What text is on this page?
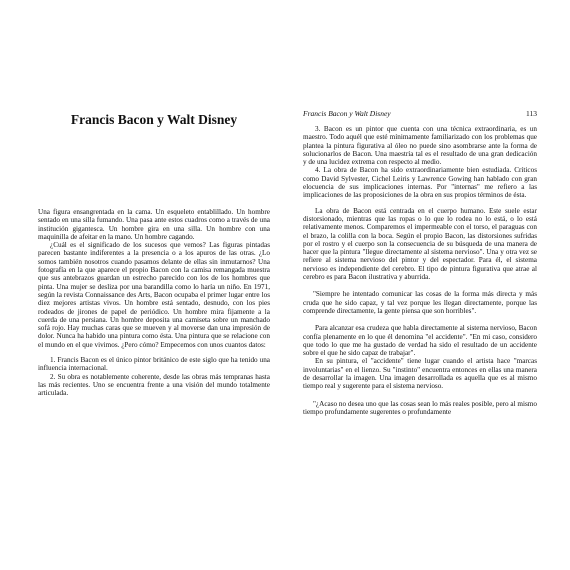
Francis Bacon y Walt Disney

Una figura ensangrentada en la cama. Un esqueleto entablillado. Un hombre sentado en una silla fumando. Una pasa ante estos cuadros como a través de una institución gigantesca. Un hombre gira en una silla. Un hombre con una maquinilla de afeitar en la mano. Un hombre cagando.

¿Cuál es el significado de los sucesos que vemos? Las figuras pintadas parecen bastante indiferentes a la presencia o a los apuros de las otras. ¿Lo somos también nosotros cuando pasamos delante de ellas sin inmutarnos? Una fotografía en la que aparece el propio Bacon con la camisa remangada muestra que sus antebrazos guardan un estrecho parecido con los de los hombres que pinta. Una mujer se desliza por una barandilla como lo haría un niño. En 1971, según la revista Connaissance des Arts, Bacon ocupaba el primer lugar entre los diez mejores artistas vivos. Un hombre está sentado, desnudo, con los pies rodeados de jirones de papel de periódico. Un hombre mira fijamente a la cuerda de una persiana. Un hombre deposita una camiseta sobre un manchado sofá rojo. Hay muchas caras que se mueven y al moverse dan una impresión de dolor. Nunca ha habido una pintura como ésta. Una pintura que se relacione con el mundo en el que vivimos. ¿Pero cómo? Empecemos con unos cuantos datos:

1. Francis Bacon es el único pintor británico de este siglo que ha tenido una influencia internacional.

2. Su obra es notablemente coherente, desde las obras más tempranas hasta las más recientes. Uno se encuentra frente a una visión del mundo totalmente articulada.

Francis Bacon y Walt Disney	113

3. Bacon es un pintor que cuenta con una técnica extraordinaria, es un maestro. Todo aquél que esté mínimamente familiarizado con los problemas que plantea la pintura figurativa al óleo no puede sino asombrarse ante la forma de solucionarlos de Bacon. Una maestría tal es el resultado de una gran dedicación y de una lucidez extrema con respecto al medio.

4. La obra de Bacon ha sido extraordinariamente bien estudiada. Críticos como David Sylvester, Cichel Leiris y Lawrence Gowing han hablado con gran elocuencia de sus implicaciones internas. Por "internas" me refiero a las implicaciones de las proposiciones de la obra en sus propios términos de ésta.

La obra de Bacon está centrada en el cuerpo humano. Este suele estar distorsionado, mientras que las ropas o lo que lo rodea no lo está, o lo está relativamente menos. Comparemos el impermeable con el torso, el paraguas con el brazo, la colilla con la boca. Según el propio Bacon, las distorsiones sufridas por el rostro y el cuerpo son la consecuencia de su búsqueda de una manera de hacer que la pintura "llegue directamente al sistema nervioso". Una y otra vez se refiere al sistema nervioso del pintor y del espectador. Para él, el sistema nervioso es independiente del cerebro. El tipo de pintura figurativa que atrae al cerebro es para Bacon ilustrativa y aburrida.

"Siempre he intentado comunicar las cosas de la forma más directa y más cruda que he sido capaz, y tal vez porque les llegan directamente, porque las comprende directamente, la gente piensa que son horribles".

Para alcanzar esa crudeza que habla directamente al sistema nervioso, Bacon confía plenamente en lo que él denomina "el accidente". "En mi caso, considero que todo lo que me ha gustado de verdad ha sido el resultado de un accidente sobre el que he sido capaz de trabajar".

En su pintura, el "accidente" tiene lugar cuando el artista hace "marcas involuntarias" en el lienzo. Su "instinto" encuentra entonces en ellas una manera de desarrollar la imagen. Una imagen desarrollada es aquella que es al mismo tiempo real y sugerente para el sistema nervioso.

"¿Acaso no desea uno que las cosas sean lo más reales posible, pero al mismo tiempo profundamente sugerentes o profundamente
